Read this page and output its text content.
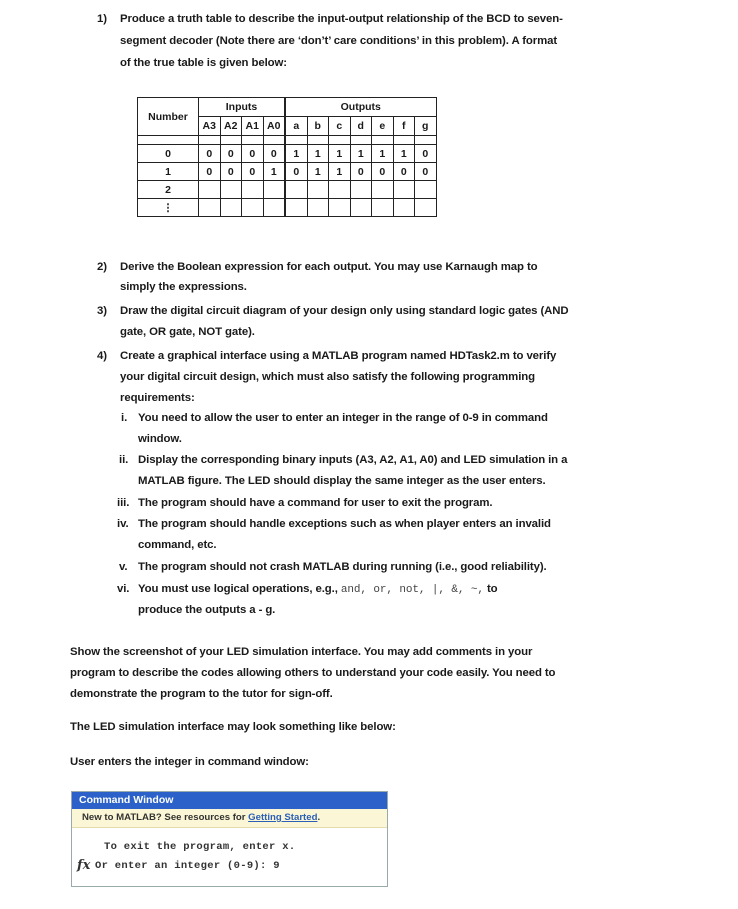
1) Produce a truth table to describe the input-output relationship of the BCD to seven-
segment decoder (Note there are ‘don’t’ care conditions’ in this problem). A format
of the true table is given below:
Number	Inputs				Outputs						
	A3	A2	A1	A0	a	b	c	d	e	f	g

0	0	0	0	0	1	1	1	1	1	1	0
1	0	0	0	1	0	1	1	0	0	0	0
2											
⋮											
2) Derive the Boolean expression for each output. You may use Karnaugh map to
simply the expressions.
3) Draw the digital circuit diagram of your design only using standard logic gates (AND
gate, OR gate, NOT gate).
4) Create a graphical interface using a MATLAB program named HDTask2.m to verify
your digital circuit design, which must also satisfy the following programming
requirements:
i. You need to allow the user to enter an integer in the range of 0-9 in command
window.
ii. Display the corresponding binary inputs (A3, A2, A1, A0) and LED simulation in a
MATLAB figure. The LED should display the same integer as the user enters.
iii. The program should have a command for user to exit the program.
iv. The program should handle exceptions such as when player enters an invalid
command, etc.
v. The program should not crash MATLAB during running (i.e., good reliability).
vi. You must use logical operations, e.g., and, or, not, |, &, ~, to
produce the outputs a - g.
Show the screenshot of your LED simulation interface. You may add comments in your
program to describe the codes allowing others to understand your code easily. You need to
demonstrate the program to the tutor for sign-off.
The LED simulation interface may look something like below:
User enters the integer in command window:
Command Window
New to MATLAB? See resources for Getting Started.
To exit the program, enter x.
fx Or enter an integer (0-9): 9
